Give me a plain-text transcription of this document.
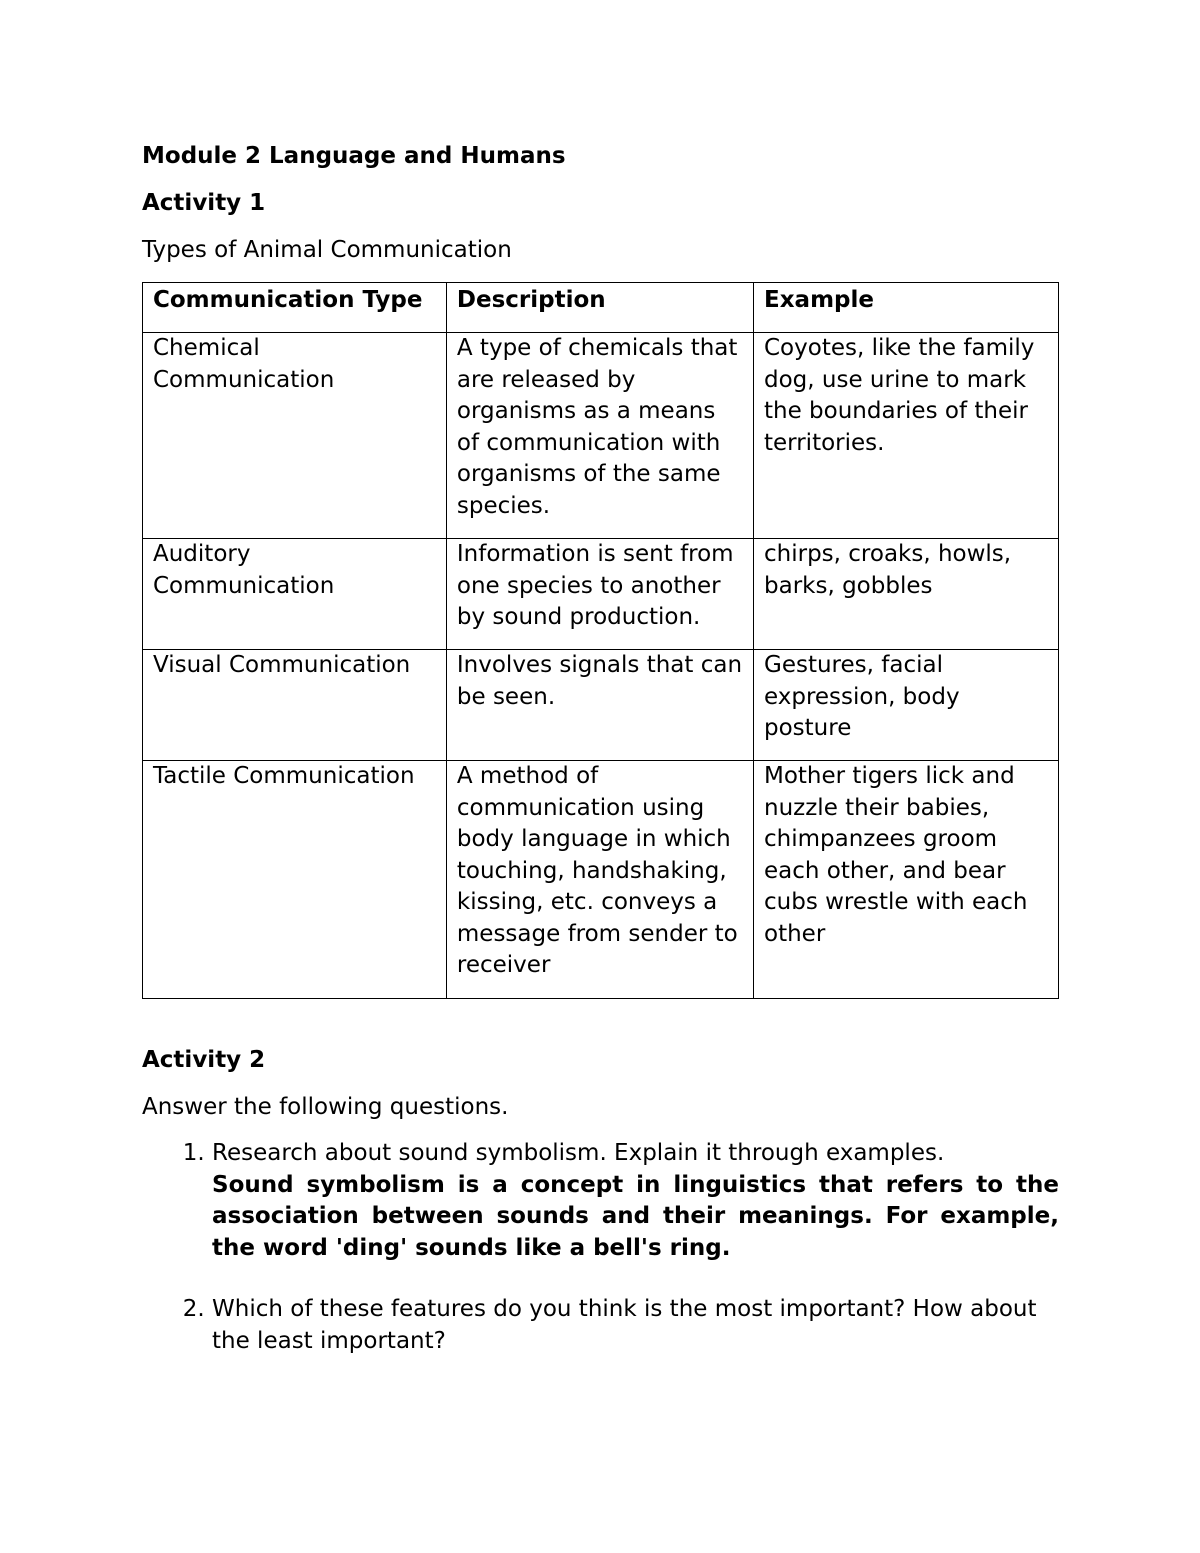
Module 2 Language and Humans
Activity 1
Types of Animal Communication
Communication Type	Description	Example
Chemical Communication	A type of chemicals that are released by organisms as a means of communication with organisms of the same species.	Coyotes, like the family dog, use urine to mark the boundaries of their territories.
Auditory Communication	Information is sent from one species to another by sound production.	chirps, croaks, howls, barks, gobbles
Visual Communication	Involves signals that can be seen.	Gestures, facial expression, body posture
Tactile Communication	A method of communication using body language in which touching, handshaking, kissing, etc. conveys a message from sender to receiver	Mother tigers lick and nuzzle their babies, chimpanzees groom each other, and bear cubs wrestle with each other
Activity 2
Answer the following questions.
1. Research about sound symbolism. Explain it through examples.
Sound symbolism is a concept in linguistics that refers to the association between sounds and their meanings. For example, the word 'ding' sounds like a bell's ring.
2. Which of these features do you think is the most important? How about the least important?
